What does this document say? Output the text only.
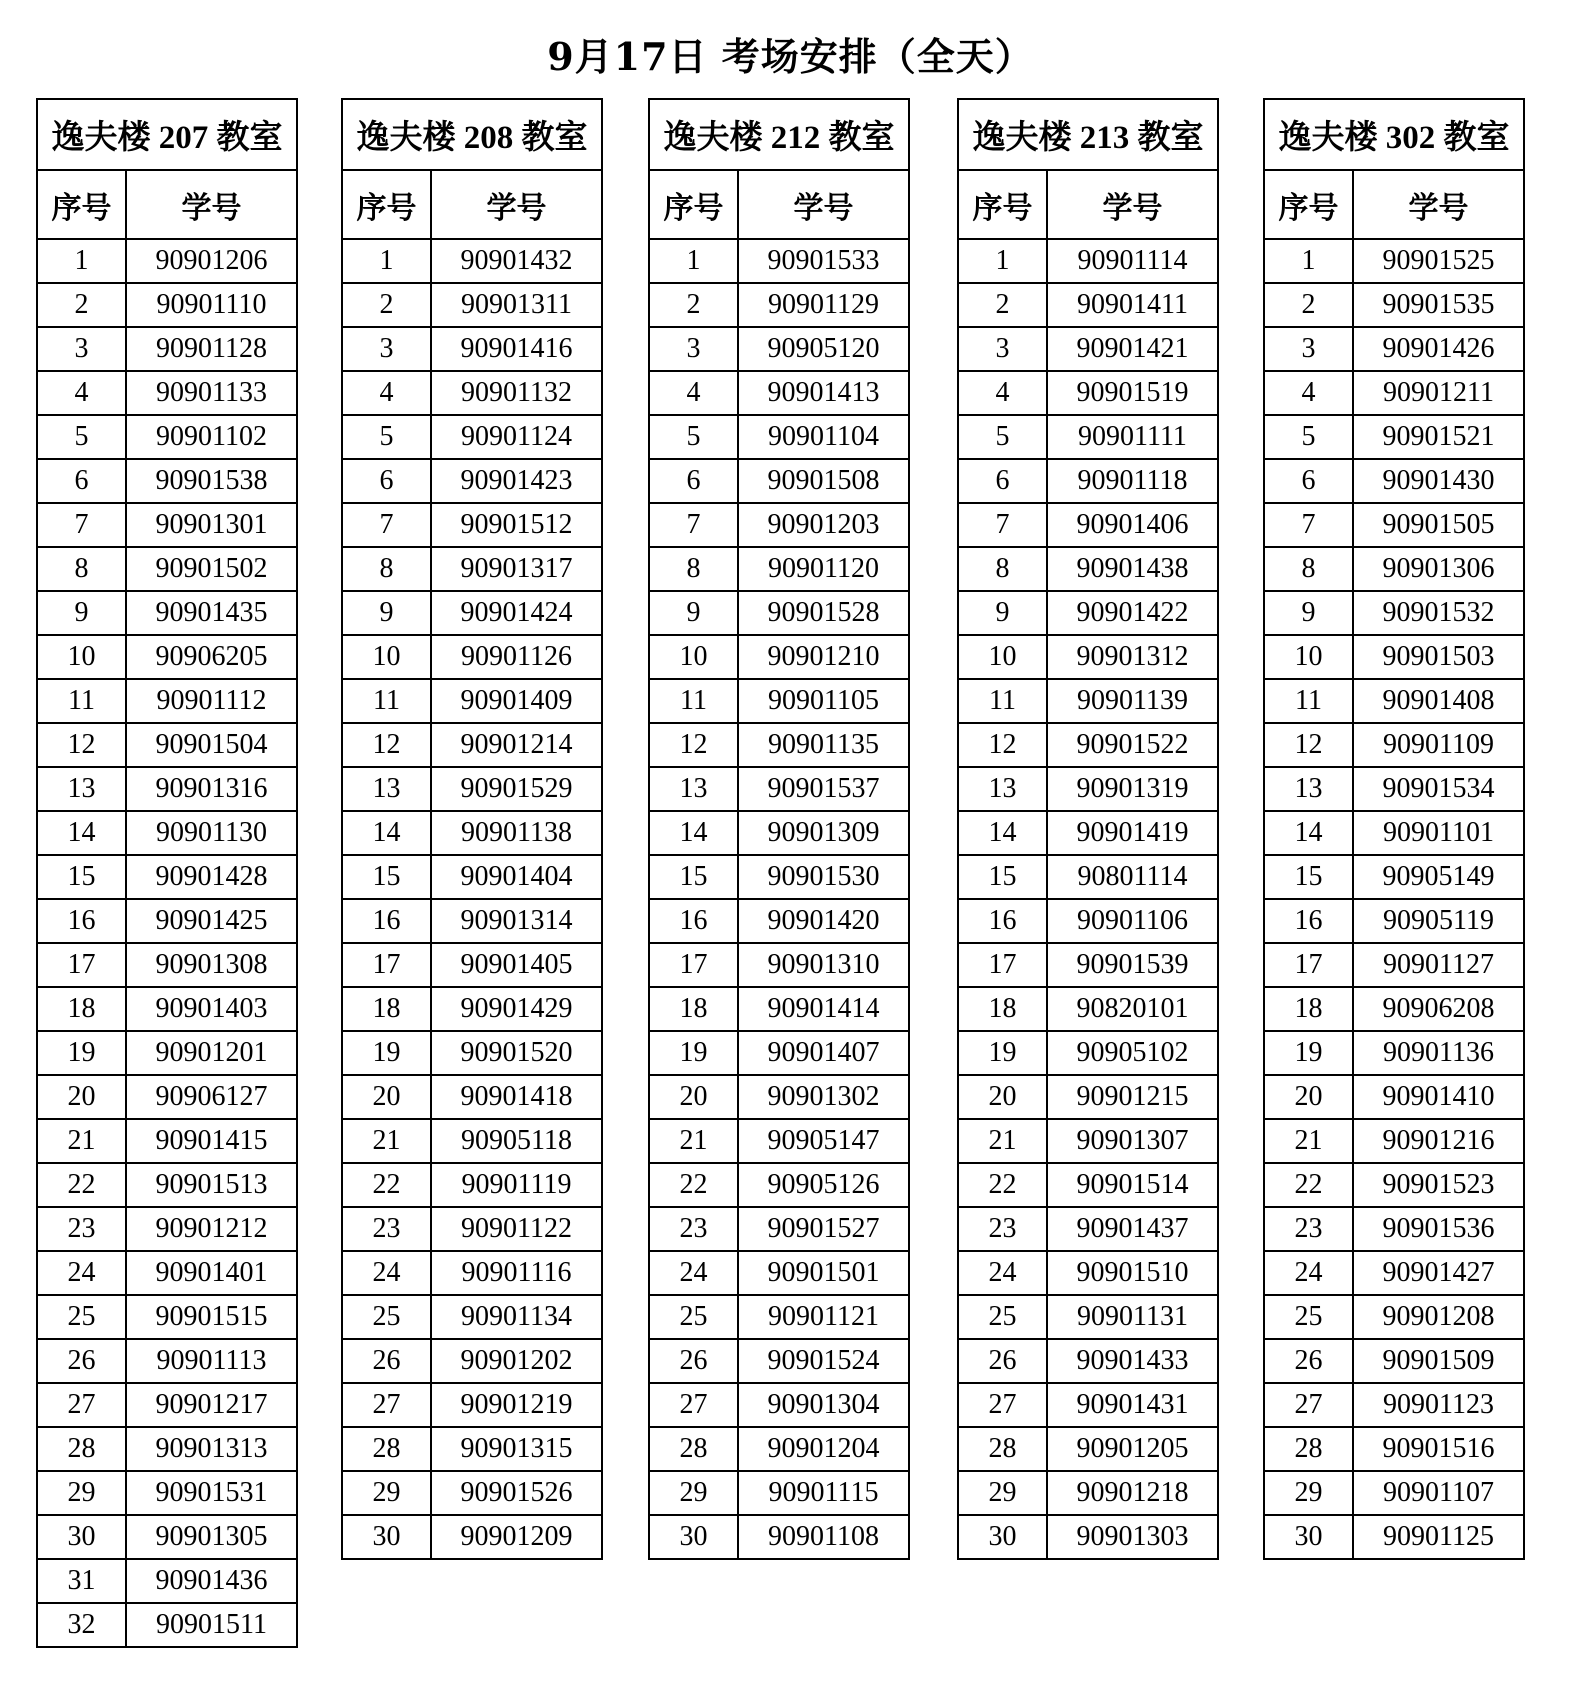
9月17日 考场安排（全天）
逸夫楼 207 教室	
序号	学号
1	90901206
2	90901110
3	90901128
4	90901133
5	90901102
6	90901538
7	90901301
8	90901502
9	90901435
10	90906205
11	90901112
12	90901504
13	90901316
14	90901130
15	90901428
16	90901425
17	90901308
18	90901403
19	90901201
20	90906127
21	90901415
22	90901513
23	90901212
24	90901401
25	90901515
26	90901113
27	90901217
28	90901313
29	90901531
30	90901305
31	90901436
32	90901511
逸夫楼 208 教室	
序号	学号
1	90901432
2	90901311
3	90901416
4	90901132
5	90901124
6	90901423
7	90901512
8	90901317
9	90901424
10	90901126
11	90901409
12	90901214
13	90901529
14	90901138
15	90901404
16	90901314
17	90901405
18	90901429
19	90901520
20	90901418
21	90905118
22	90901119
23	90901122
24	90901116
25	90901134
26	90901202
27	90901219
28	90901315
29	90901526
30	90901209
逸夫楼 212 教室	
序号	学号
1	90901533
2	90901129
3	90905120
4	90901413
5	90901104
6	90901508
7	90901203
8	90901120
9	90901528
10	90901210
11	90901105
12	90901135
13	90901537
14	90901309
15	90901530
16	90901420
17	90901310
18	90901414
19	90901407
20	90901302
21	90905147
22	90905126
23	90901527
24	90901501
25	90901121
26	90901524
27	90901304
28	90901204
29	90901115
30	90901108
逸夫楼 213 教室	
序号	学号
1	90901114
2	90901411
3	90901421
4	90901519
5	90901111
6	90901118
7	90901406
8	90901438
9	90901422
10	90901312
11	90901139
12	90901522
13	90901319
14	90901419
15	90801114
16	90901106
17	90901539
18	90820101
19	90905102
20	90901215
21	90901307
22	90901514
23	90901437
24	90901510
25	90901131
26	90901433
27	90901431
28	90901205
29	90901218
30	90901303
逸夫楼 302 教室	
序号	学号
1	90901525
2	90901535
3	90901426
4	90901211
5	90901521
6	90901430
7	90901505
8	90901306
9	90901532
10	90901503
11	90901408
12	90901109
13	90901534
14	90901101
15	90905149
16	90905119
17	90901127
18	90906208
19	90901136
20	90901410
21	90901216
22	90901523
23	90901536
24	90901427
25	90901208
26	90901509
27	90901123
28	90901516
29	90901107
30	90901125
